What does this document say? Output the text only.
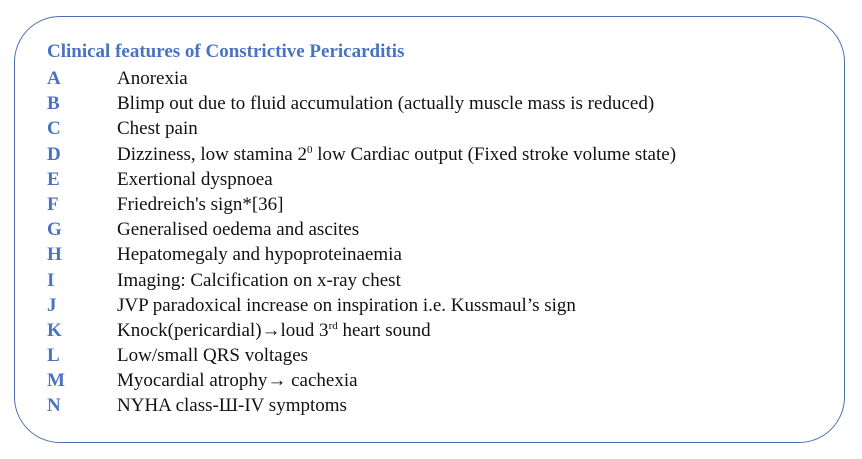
Clinical features of Constrictive Pericarditis
A	Anorexia
B	Blimp out due to fluid accumulation (actually muscle mass is reduced)
C	Chest pain
D	Dizziness, low stamina $2^0$ low Cardiac output (Fixed stroke volume state)
E	Exertional dyspnoea
F	Friedreich's sign*[36]
G	Generalised oedema and ascites
H	Hepatomegaly and hypoproteinaemia
I	Imaging: Calcification on x-ray chest
J	JVP paradoxical increase on inspiration i.e. Kussmaul’s sign
K	Knock(pericardial)→loud 3rd heart sound
L	Low/small QRS voltages
M	Myocardial atrophy→ cachexia
N	NYHA class-Ш-IV symptoms
